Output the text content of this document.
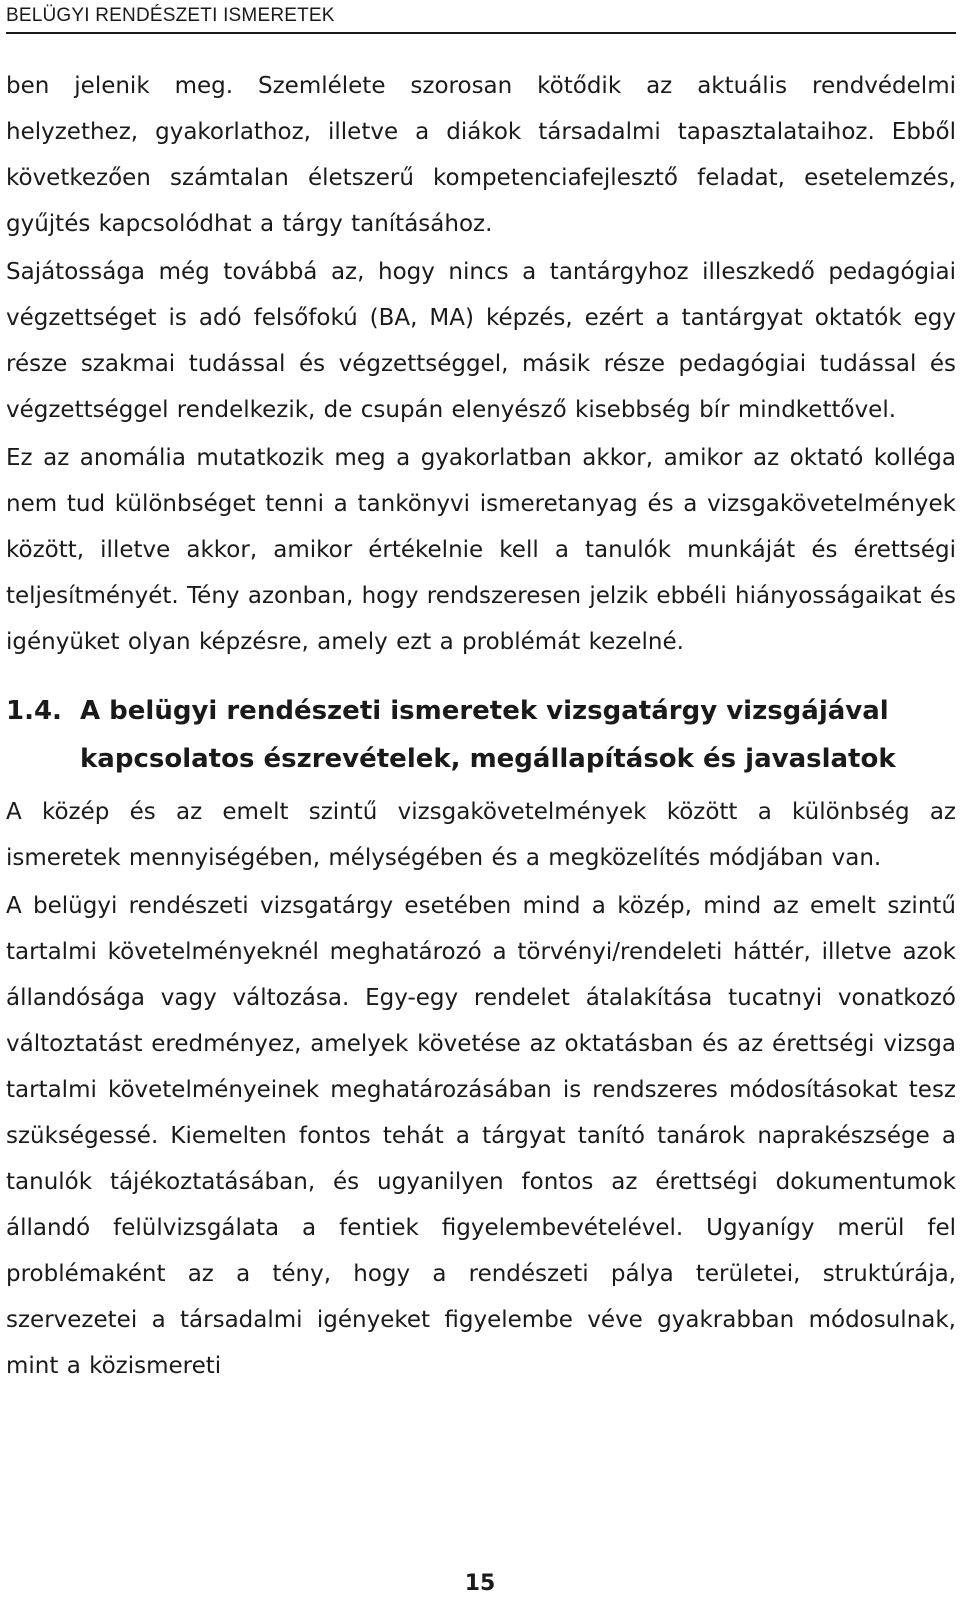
BELÜGYI RENDÉSZETI ISMERETEK

ben jelenik meg. Szemlélete szorosan kötődik az aktuális rendvédelmi helyzethez, gyakorlathoz, illetve a diákok társadalmi tapasztalataihoz. Ebből következően számtalan életszerű kompetenciafejlesztő feladat, esetelemzés, gyűjtés kapcsolódhat a tárgy tanításához.

Sajátossága még továbbá az, hogy nincs a tantárgyhoz illeszkedő pedagógiai végzettséget is adó felsőfokú (BA, MA) képzés, ezért a tantárgyat oktatók egy része szakmai tudással és végzettséggel, másik része pedagógiai tudással és végzettséggel rendelkezik, de csupán elenyésző kisebbség bír mindkettővel.

Ez az anomália mutatkozik meg a gyakorlatban akkor, amikor az oktató kolléga nem tud különbséget tenni a tankönyvi ismeretanyag és a vizsgakövetelmények között, illetve akkor, amikor értékelnie kell a tanulók munkáját és érettségi teljesítményét. Tény azonban, hogy rendszeresen jelzik ebbéli hiányosságaikat és igényüket olyan képzésre, amely ezt a problémát kezelné.

1.4. A belügyi rendészeti ismeretek vizsgatárgy vizsgájával kapcsolatos észrevételek, megállapítások és javaslatok

A közép és az emelt szintű vizsgakövetelmények között a különbség az ismeretek mennyiségében, mélységében és a megközelítés módjában van.

A belügyi rendészeti vizsgatárgy esetében mind a közép, mind az emelt szintű tartalmi követelményeknél meghatározó a törvényi/rendeleti háttér, illetve azok állandósága vagy változása. Egy-egy rendelet átalakítása tucatnyi vonatkozó változtatást eredményez, amelyek követése az oktatásban és az érettségi vizsga tartalmi követelményeinek meghatározásában is rendszeres módosításokat tesz szükségessé. Kiemelten fontos tehát a tárgyat tanító tanárok naprakészsége a tanulók tájékoztatásában, és ugyanilyen fontos az érettségi dokumentumok állandó felülvizsgálata a fentiek figyelembevételével. Ugyanígy merül fel problémaként az a tény, hogy a rendészeti pálya területei, struktúrája, szervezetei a társadalmi igényeket figyelembe véve gyakrabban módosulnak, mint a közismereti

15
